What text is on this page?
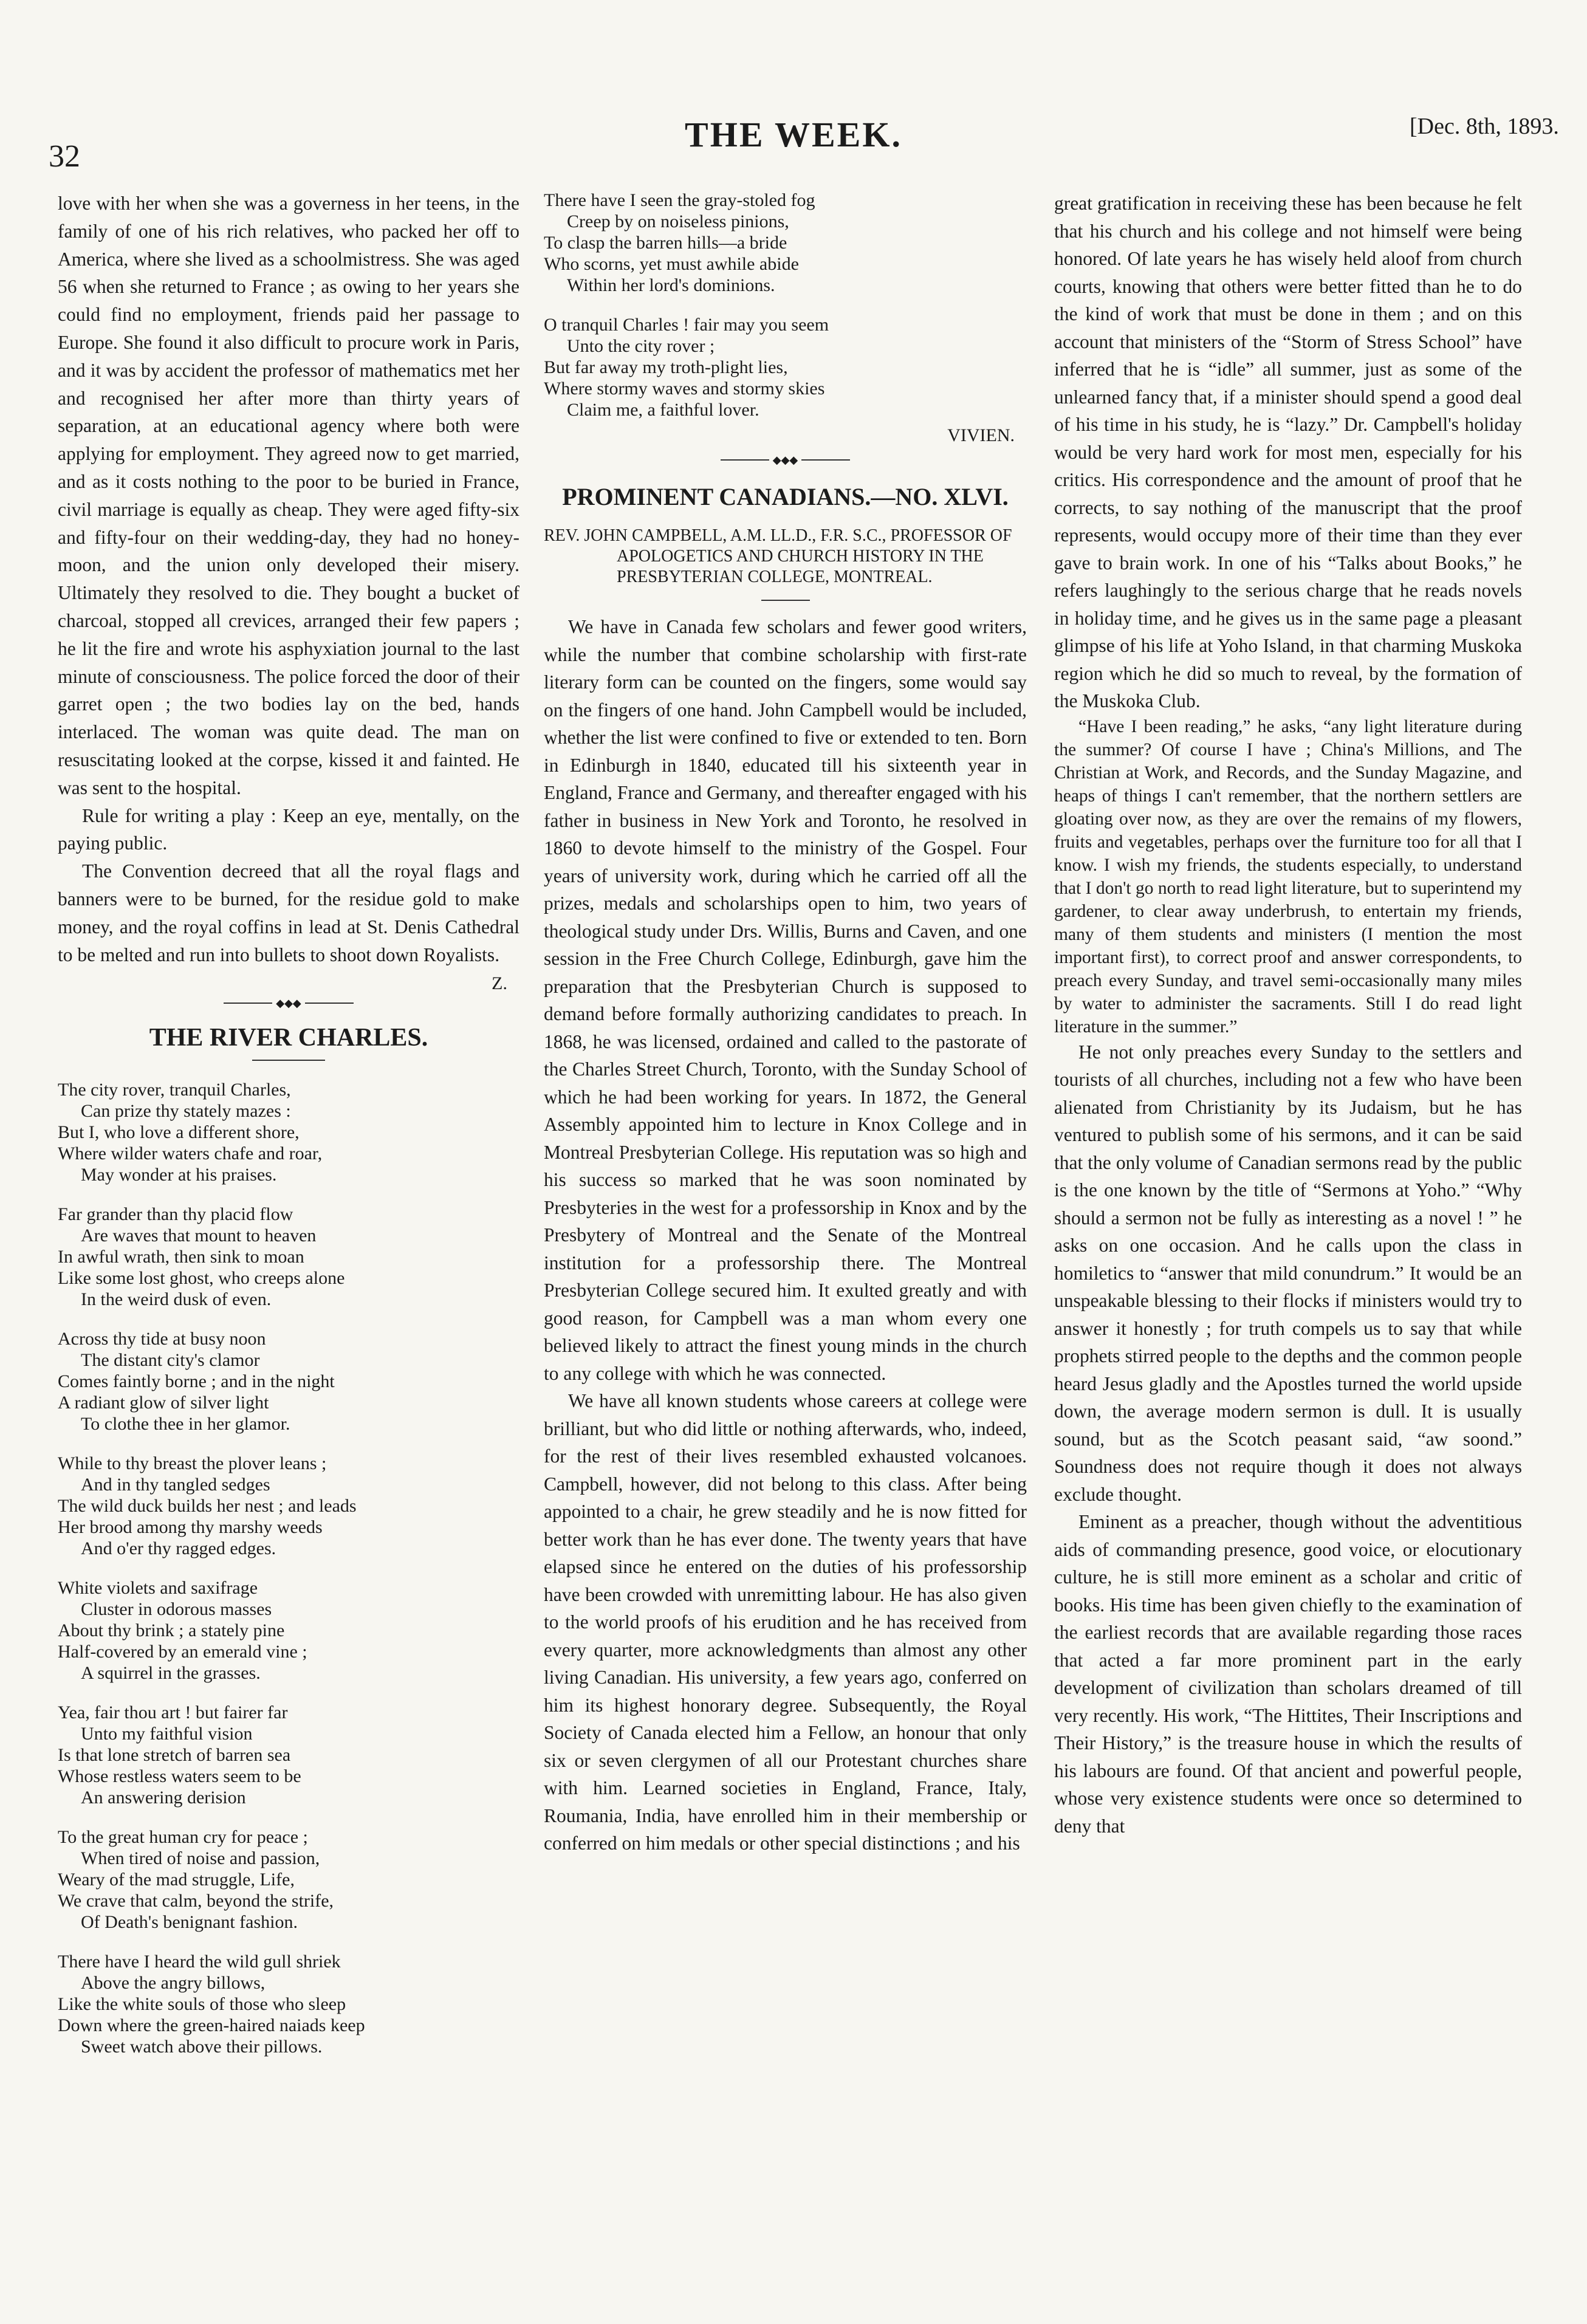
32
THE WEEK.	[Dec. 8th, 1893.

love with her when she was a governess in her teens, in the family of one of his rich relatives, who packed her off to America, where she lived as a schoolmistress. She was aged 56 when she returned to France ; as owing to her years she could find no employment, friends paid her passage to Europe. She found it also difficult to procure work in Paris, and it was by accident the professor of mathematics met her and recognised her after more than thirty years of separation, at an educational agency where both were applying for employment. They agreed now to get married, and as it costs nothing to the poor to be buried in France, civil marriage is equally as cheap. They were aged fifty-six and fifty-four on their wedding-day, they had no honey-moon, and the union only developed their misery. Ultimately they resolved to die. They bought a bucket of charcoal, stopped all crevices, arranged their few papers ; he lit the fire and wrote his asphyxiation journal to the last minute of consciousness. The police forced the door of their garret open ; the two bodies lay on the bed, hands interlaced. The woman was quite dead. The man on resuscitating looked at the corpse, kissed it and fainted. He was sent to the hospital.

Rule for writing a play : Keep an eye, mentally, on the paying public.

The Convention decreed that all the royal flags and banners were to be burned, for the residue gold to make money, and the royal coffins in lead at St. Denis Cathedral to be melted and run into bullets to shoot down Royalists.

Z.
◆◆◆
THE RIVER CHARLES.
The city rover, tranquil Charles,
Can prize thy stately mazes :
But I, who love a different shore,
Where wilder waters chafe and roar,
May wonder at his praises.
Far grander than thy placid flow
Are waves that mount to heaven
In awful wrath, then sink to moan
Like some lost ghost, who creeps alone
In the weird dusk of even.
Across thy tide at busy noon
The distant city's clamor
Comes faintly borne ; and in the night
A radiant glow of silver light
To clothe thee in her glamor.
While to thy breast the plover leans ;
And in thy tangled sedges
The wild duck builds her nest ; and leads
Her brood among thy marshy weeds
And o'er thy ragged edges.
White violets and saxifrage
Cluster in odorous masses
About thy brink ; a stately pine
Half-covered by an emerald vine ;
A squirrel in the grasses.
Yea, fair thou art ! but fairer far
Unto my faithful vision
Is that lone stretch of barren sea
Whose restless waters seem to be
An answering derision
To the great human cry for peace ;
When tired of noise and passion,
Weary of the mad struggle, Life,
We crave that calm, beyond the strife,
Of Death's benignant fashion.
There have I heard the wild gull shriek
Above the angry billows,
Like the white souls of those who sleep
Down where the green-haired naiads keep
Sweet watch above their pillows.
There have I seen the gray-stoled fog
Creep by on noiseless pinions,
To clasp the barren hills—a bride
Who scorns, yet must awhile abide
Within her lord's dominions.
O tranquil Charles ! fair may you seem
Unto the city rover ;
But far away my troth-plight lies,
Where stormy waves and stormy skies
Claim me, a faithful lover.
VIVIEN.
◆◆◆
PROMINENT CANADIANS.—NO. XLVI.
REV. JOHN CAMPBELL, A.M. LL.D., F.R. S.C., PROFESSOR OF APOLOGETICS AND CHURCH HISTORY IN THE PRESBYTERIAN COLLEGE, MONTREAL.

We have in Canada few scholars and fewer good writers, while the number that combine scholarship with first-rate literary form can be counted on the fingers, some would say on the fingers of one hand. John Campbell would be included, whether the list were confined to five or extended to ten. Born in Edinburgh in 1840, educated till his sixteenth year in England, France and Germany, and thereafter engaged with his father in business in New York and Toronto, he resolved in 1860 to devote himself to the ministry of the Gospel. Four years of university work, during which he carried off all the prizes, medals and scholarships open to him, two years of theological study under Drs. Willis, Burns and Caven, and one session in the Free Church College, Edinburgh, gave him the preparation that the Presbyterian Church is supposed to demand before formally authorizing candidates to preach. In 1868, he was licensed, ordained and called to the pastorate of the Charles Street Church, Toronto, with the Sunday School of which he had been working for years. In 1872, the General Assembly appointed him to lecture in Knox College and in Montreal Presbyterian College. His reputation was so high and his success so marked that he was soon nominated by Presbyteries in the west for a professorship in Knox and by the Presbytery of Montreal and the Senate of the Montreal institution for a professorship there. The Montreal Presbyterian College secured him. It exulted greatly and with good reason, for Campbell was a man whom every one believed likely to attract the finest young minds in the church to any college with which he was connected.

We have all known students whose careers at college were brilliant, but who did little or nothing afterwards, who, indeed, for the rest of their lives resembled exhausted volcanoes. Campbell, however, did not belong to this class. After being appointed to a chair, he grew steadily and he is now fitted for better work than he has ever done. The twenty years that have elapsed since he entered on the duties of his professorship have been crowded with unremitting labour. He has also given to the world proofs of his erudition and he has received from every quarter, more acknowledgments than almost any other living Canadian. His university, a few years ago, conferred on him its highest honorary degree. Subsequently, the Royal Society of Canada elected him a Fellow, an honour that only six or seven clergymen of all our Protestant churches share with him. Learned societies in England, France, Italy, Roumania, India, have enrolled him in their membership or conferred on him medals or other special distinctions ; and his

great gratification in receiving these has been because he felt that his church and his college and not himself were being honored. Of late years he has wisely held aloof from church courts, knowing that others were better fitted than he to do the kind of work that must be done in them ; and on this account that ministers of the “Storm of Stress School” have inferred that he is “idle” all summer, just as some of the unlearned fancy that, if a minister should spend a good deal of his time in his study, he is “lazy.” Dr. Campbell's holiday would be very hard work for most men, especially for his critics. His correspondence and the amount of proof that he corrects, to say nothing of the manuscript that the proof represents, would occupy more of their time than they ever gave to brain work. In one of his “Talks about Books,” he refers laughingly to the serious charge that he reads novels in holiday time, and he gives us in the same page a pleasant glimpse of his life at Yoho Island, in that charming Muskoka region which he did so much to reveal, by the formation of the Muskoka Club.

“Have I been reading,” he asks, “any light literature during the summer? Of course I have ; China's Millions, and The Christian at Work, and Records, and the Sunday Magazine, and heaps of things I can't remember, that the northern settlers are gloating over now, as they are over the remains of my flowers, fruits and vegetables, perhaps over the furniture too for all that I know. I wish my friends, the students especially, to understand that I don't go north to read light literature, but to superintend my gardener, to clear away underbrush, to entertain my friends, many of them students and ministers (I mention the most important first), to correct proof and answer correspondents, to preach every Sunday, and travel semi-occasionally many miles by water to administer the sacraments. Still I do read light literature in the summer.”

He not only preaches every Sunday to the settlers and tourists of all churches, including not a few who have been alienated from Christianity by its Judaism, but he has ventured to publish some of his sermons, and it can be said that the only volume of Canadian sermons read by the public is the one known by the title of “Sermons at Yoho.” “Why should a sermon not be fully as interesting as a novel ! ” he asks on one occasion. And he calls upon the class in homiletics to “answer that mild conundrum.” It would be an unspeakable blessing to their flocks if ministers would try to answer it honestly ; for truth compels us to say that while prophets stirred people to the depths and the common people heard Jesus gladly and the Apostles turned the world upside down, the average modern sermon is dull. It is usually sound, but as the Scotch peasant said, “aw soond.” Soundness does not require though it does not always exclude thought.

Eminent as a preacher, though without the adventitious aids of commanding presence, good voice, or elocutionary culture, he is still more eminent as a scholar and critic of books. His time has been given chiefly to the examination of the earliest records that are available regarding those races that acted a far more prominent part in the early development of civilization than scholars dreamed of till very recently. His work, “The Hittites, Their Inscriptions and Their History,” is the treasure house in which the results of his labours are found. Of that ancient and powerful people, whose very existence students were once so determined to deny that
